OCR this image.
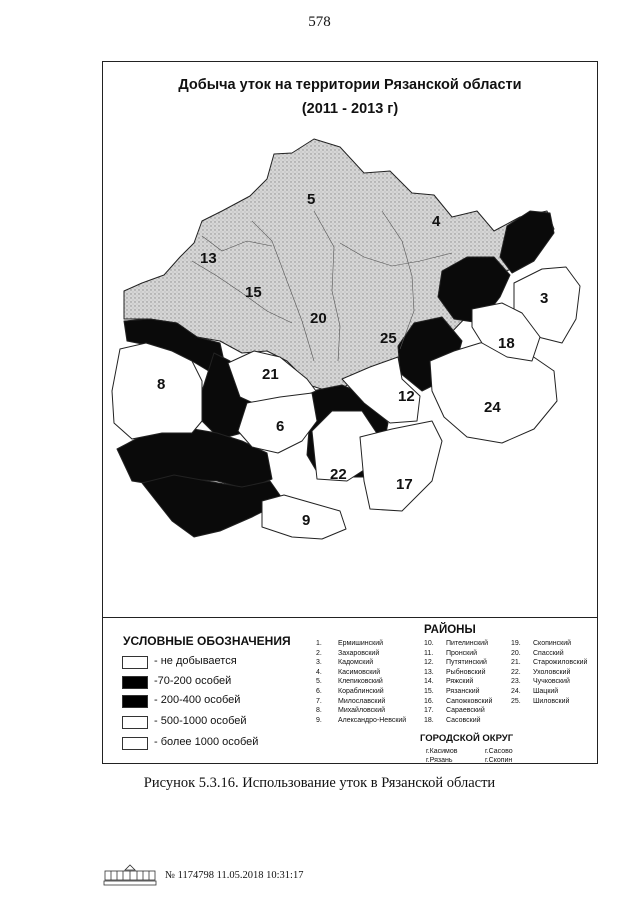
578
Добыча уток на территории Рязанской области
(2011 - 2013 г)
5
4
13
15
20
3
25	18
8
21
12
24
6
22
17
9
УСЛОВНЫЕ ОБОЗНАЧЕНИЯ
- не добывается
-70-200 особей
- 200-400 особей
- 500-1000 особей
- более 1000 особей
РАЙОНЫ
1. Ермишинский
2. Захаровский
3. Кадомский
4. Касимовский
5. Клепиковский
6. Кораблинский
7. Милославский
8. Михайловский
9. Александро-Невский
10. Пителинский
11. Пронский
12. Путятинский
13. Рыбновский
14. Ряжский
15. Рязанский
16. Сапожковский
17. Сараевский
18. Сасовский
19. Скопинский
20. Спасский
21. Старожиловский
22. Ухоловский
23. Чучковский
24. Шацкий
25. Шиловский
ГОРОДСКОЙ ОКРУГ
г.Касимов	г.Сасово
г.Рязань	г.Скопин
Рисунок 5.3.16. Использование уток в Рязанской области
№ 1174798 11.05.2018 10:31:17
